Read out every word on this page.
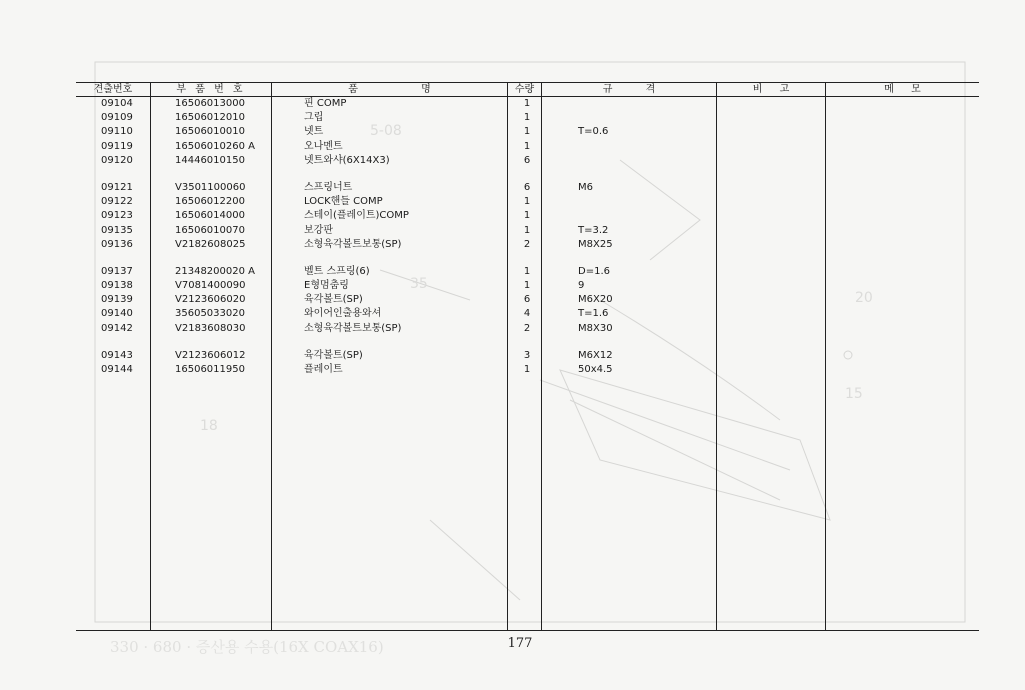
20
15
35
18
5-08
330 · 680 · 증산용 수용(16X COAX16)
견출번호	부 품 번 호	품 명	수량	규 격	비 고	메 모
09104	16506013000	핀 COMP	1
09109	16506012010	그립	1
09110	16506010010	넷트	1	T=0.6
09119	16506010260 A	오나멘트	1
09120	14446010150	넷트와샤(6X14X3)	6
09121	V3501100060	스프링너트	6	M6
09122	16506012200	LOCK핸들 COMP	1
09123	16506014000	스테이(플레이트)COMP	1
09135	16506010070	보강판	1	T=3.2
09136	V2182608025	소형육각볼트보통(SP)	2	M8X25
09137	21348200020 A	벨트 스프링(6)	1	D=1.6
09138	V7081400090	E형멈춤링	1	9
09139	V2123606020	육각볼트(SP)	6	M6X20
09140	35605033020	와이어인출용와셔	4	T=1.6
09142	V2183608030	소형육각볼트보통(SP)	2	M8X30
09143	V2123606012	육각볼트(SP)	3	M6X12
09144	16506011950	플레이트	1	50x4.5
177
